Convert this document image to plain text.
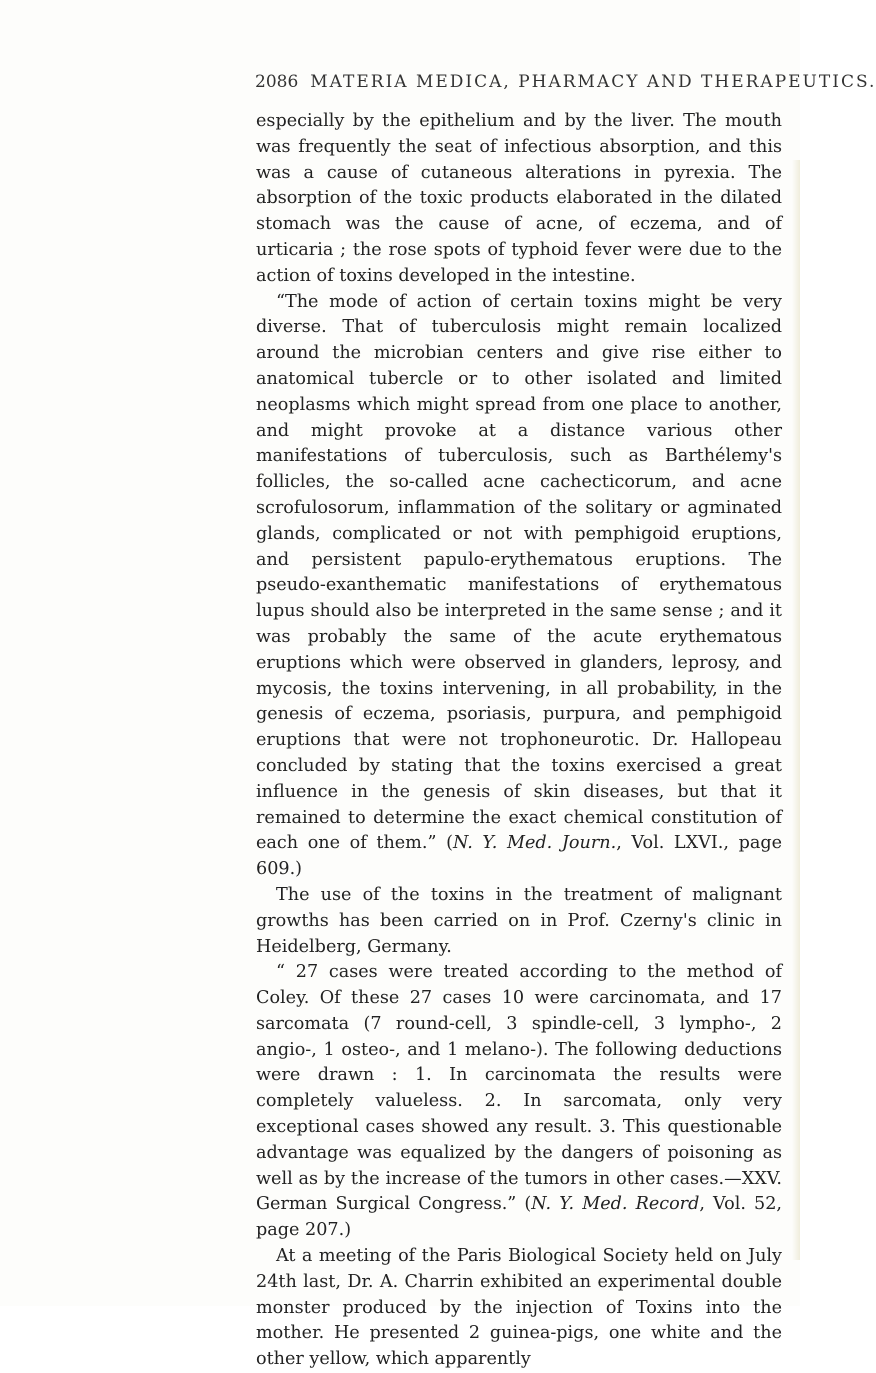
2086 MATERIA MEDICA, PHARMACY AND THERAPEUTICS.

especially by the epithelium and by the liver. The mouth was frequently the seat of infectious absorption, and this was a cause of cutaneous alterations in pyrexia. The absorption of the toxic products elaborated in the dilated stomach was the cause of acne, of eczema, and of urticaria ; the rose spots of typhoid fever were due to the action of toxins developed in the intestine.

“The mode of action of certain toxins might be very diverse. That of tuberculosis might remain localized around the microbian centers and give rise either to anatomical tubercle or to other isolated and limited neoplasms which might spread from one place to another, and might provoke at a distance various other manifestations of tuberculosis, such as Barthélemy's follicles, the so-called acne cachecticorum, and acne scrofulosorum, inflammation of the solitary or agminated glands, complicated or not with pemphigoid eruptions, and persistent papulo-erythematous eruptions. The pseudo-exanthematic manifestations of erythematous lupus should also be interpreted in the same sense ; and it was probably the same of the acute erythematous eruptions which were observed in glanders, leprosy, and mycosis, the toxins intervening, in all probability, in the genesis of eczema, psoriasis, purpura, and pemphigoid eruptions that were not trophoneurotic. Dr. Hallopeau concluded by stating that the toxins exercised a great influence in the genesis of skin diseases, but that it remained to determine the exact chemical constitution of each one of them.” (N. Y. Med. Journ., Vol. LXVI., page 609.)

The use of the toxins in the treatment of malignant growths has been carried on in Prof. Czerny's clinic in Heidelberg, Germany.

“ 27 cases were treated according to the method of Coley. Of these 27 cases 10 were carcinomata, and 17 sarcomata (7 round-cell, 3 spindle-cell, 3 lympho-, 2 angio-, 1 osteo-, and 1 melano-). The following deductions were drawn : 1. In carcinomata the results were completely valueless. 2. In sarcomata, only very exceptional cases showed any result. 3. This questionable advantage was equalized by the dangers of poisoning as well as by the increase of the tumors in other cases.—XXV. German Surgical Congress.” (N. Y. Med. Record, Vol. 52, page 207.)

At a meeting of the Paris Biological Society held on July 24th last, Dr. A. Charrin exhibited an experimental double monster produced by the injection of Toxins into the mother. He presented 2 guinea-pigs, one white and the other yellow, which apparently
